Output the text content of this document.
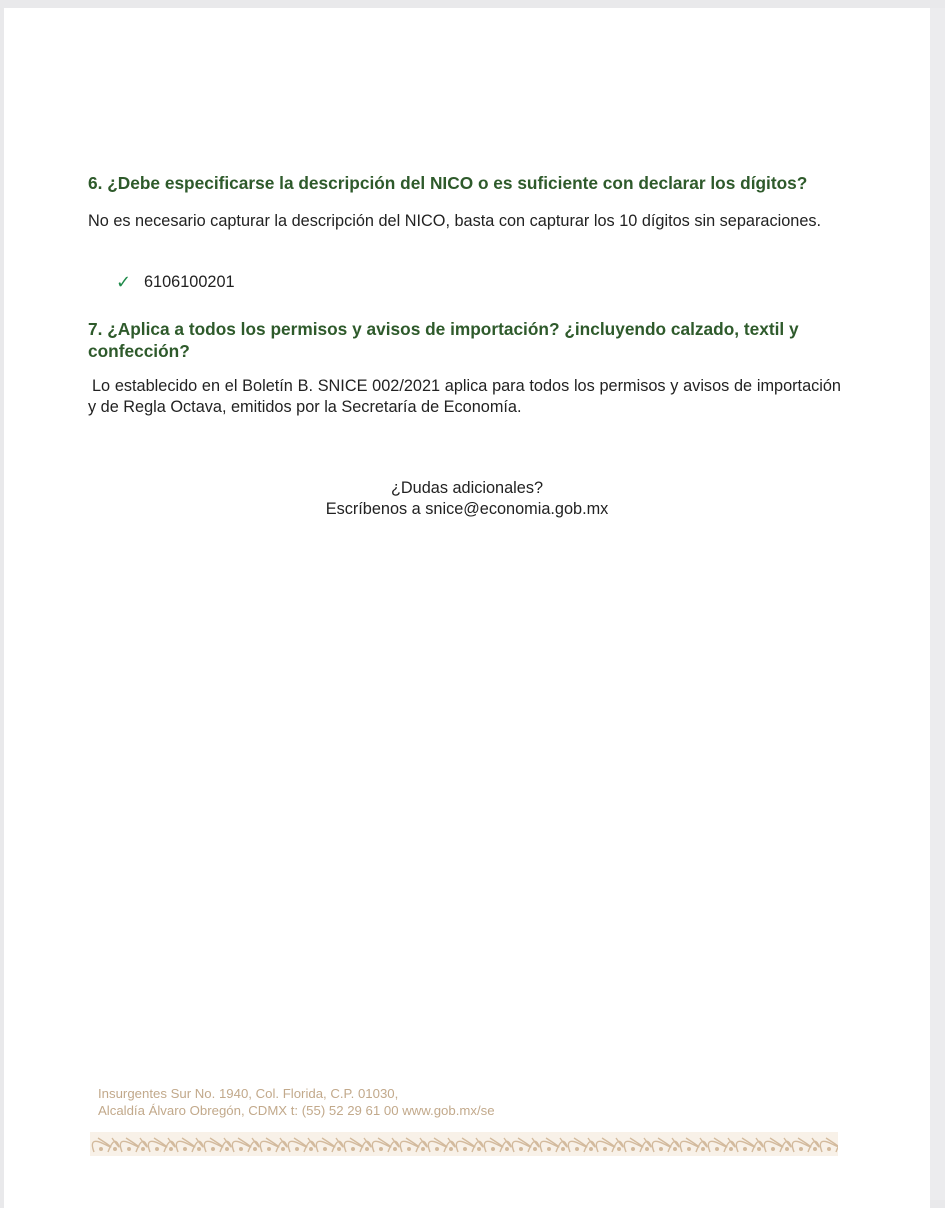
6. ¿Debe especificarse la descripción del NICO o es suficiente con declarar los dígitos?

No es necesario capturar la descripción del NICO, basta con capturar los 10 dígitos sin separaciones.

✓ 6106100201

7. ¿Aplica a todos los permisos y avisos de importación? ¿incluyendo calzado, textil y confección?

Lo establecido en el Boletín B. SNICE 002/2021 aplica para todos los permisos y avisos de importación y de Regla Octava, emitidos por la Secretaría de Economía.

¿Dudas adicionales?
Escríbenos a snice@economia.gob.mx
Insurgentes Sur No. 1940, Col. Florida, C.P. 01030,
Alcaldía Álvaro Obregón, CDMX t: (55) 52 29 61 00 www.gob.mx/se
